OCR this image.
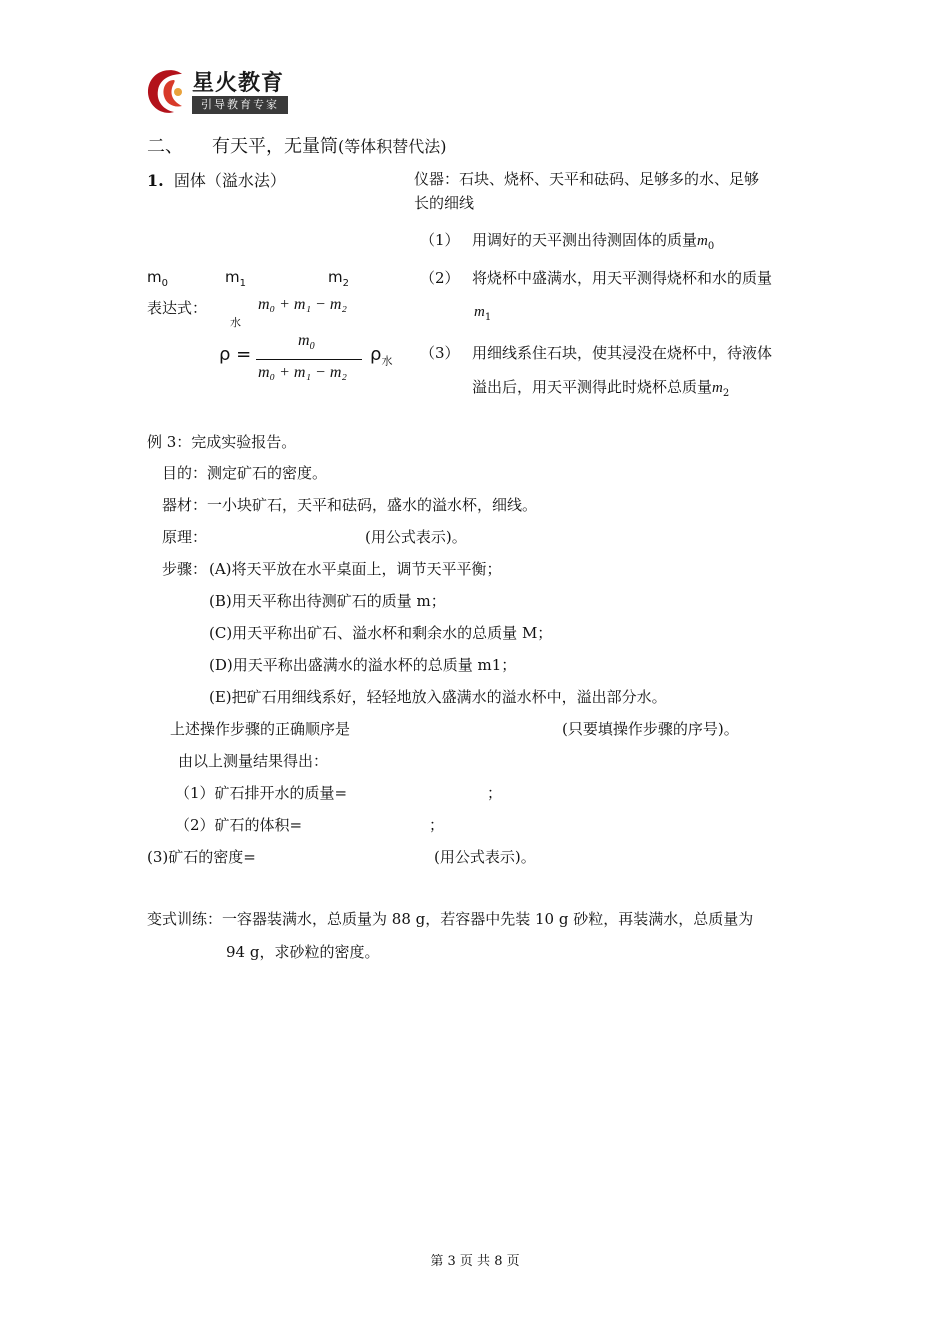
星火教育
引导教育专家
二、 有天平，无量筒(等体积替代法)
1. 固体（溢水法）	仪器：石块、烧杯、天平和砝码、足够多的水、足够
长的细线
（1） 用调好的天平测出待测固体的质量$m_0$
（2） 将烧杯中盛满水，用天平测得烧杯和水的质量
$m_1$
（3） 用细线系住石块，使其浸没在烧杯中，待液体
溢出后，用天平测得此时烧杯总质量$m_2$
$m_0$	$m_1$	$m_2$
表达式：
水
m₀ + m₁ − m₂
ρ =
$m_0$
m₀ + m₁ − m₂
$\rho_水$
例 3：完成实验报告。
目的：测定矿石的密度。
器材：一小块矿石，天平和砝码，盛水的溢水杯，细线。
原理：	(用公式表示)。
步骤： (A)将天平放在水平桌面上，调节天平平衡；
(B)用天平称出待测矿石的质量 m；
(C)用天平称出矿石、溢水杯和剩余水的总质量 M；
(D)用天平称出盛满水的溢水杯的总质量 m1；
(E)把矿石用细线系好，轻轻地放入盛满水的溢水杯中，溢出部分水。
上述操作步骤的正确顺序是	(只要填操作步骤的序号)。
由以上测量结果得出：
（1）矿石排开水的质量=	；
（2）矿石的体积=	；
(3)矿石的密度=	(用公式表示)。
变式训练：一容器装满水，总质量为 88 g，若容器中先装 10 g 砂粒，再装满水，总质量为
94 g，求砂粒的密度。
第 3 页 共 8 页
